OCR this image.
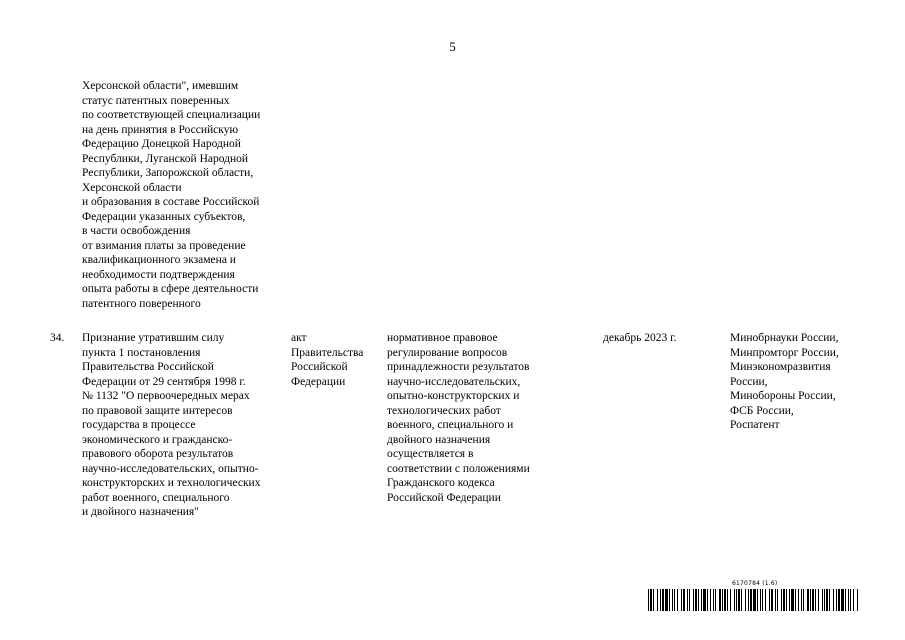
5
Херсонской области", имевшим
статус патентных поверенных
по соответствующей специализации
на день принятия в Российскую
Федерацию Донецкой Народной
Республики, Луганской Народной
Республики, Запорожской области,
Херсонской области
и образования в составе Российской
Федерации указанных субъектов,
в части освобождения
от взимания платы за проведение
квалификационного экзамена и
необходимости подтверждения
опыта работы в сфере деятельности
патентного поверенного
34. Признание утратившим силу
пункта 1 постановления
Правительства Российской
Федерации от 29 сентября 1998 г.
№ 1132 "О первоочередных мерах
по правовой защите интересов
государства в процессе
экономического и гражданско-
правового оборота результатов
научно-исследовательских, опытно-
конструкторских и технологических
работ военного, специального
и двойного назначения"
акт
Правительства
Российской
Федерации
нормативное правовое
регулирование вопросов
принадлежности результатов
научно-исследовательских,
опытно-конструкторских и
технологических работ
военного, специального и
двойного назначения
осуществляется в
соответствии с положениями
Гражданского кодекса
Российской Федерации
декабрь 2023 г.	Минобрнауки России,
Минпромторг России,
Минэкономразвития
России,
Минобороны России,
ФСБ России,
Роспатент
6170784 (1.6)
